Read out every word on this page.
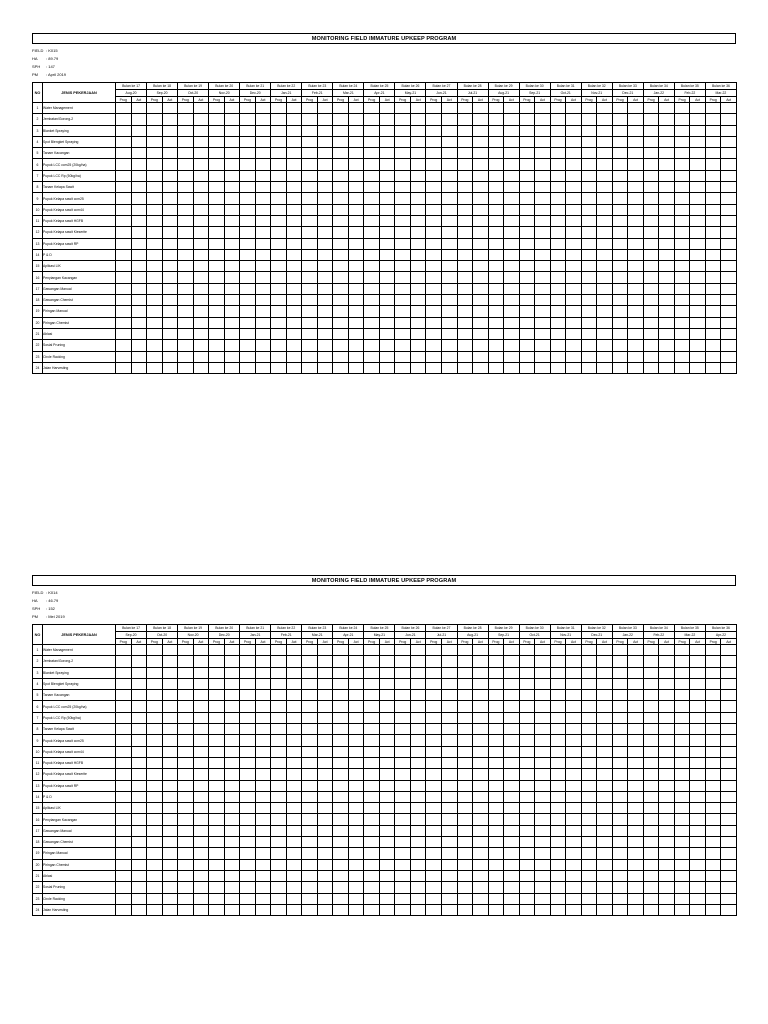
MONITORING FIELD IMMATURE UPKEEP PROGRAM
FIELD : K015
HA	: 89.79
SPH	: 147
PM	: April 2019
NO	JENIS PEKERJAAN	Bulan ke 17		Bulan ke 18		Bulan ke 19		Bulan ke 20		Bulan ke 21		Bulan ke 22		Bulan ke 23		Bulan ke 24		Bulan ke 25		Bulan ke 26		Bulan ke 27		Bulan ke 28		Bulan ke 29		Bulan ke 30		Bulan ke 31		Bulan ke 32		Bulan ke 33		Bulan ke 34		Bulan ke 35		Bulan ke 36	
		Aug-20		Sep-20		Oct-20		Nov-20		Dec-20		Jan-21		Feb-21		Mar-21		Apr-21		May-21		Jun-21		Jul-21		Aug-21		Sep-21		Oct-21		Nov-21		Dec-21		Jan-22		Feb-22		Mar-22	
		Prog	Act	Prog	Act	Prog	Act	Prog	Act	Prog	Act	Prog	Act	Prog	Act	Prog	Act	Prog	Act	Prog	Act	Prog	Act	Prog	Act	Prog	Act	Prog	Act	Prog	Act	Prog	Act	Prog	Act	Prog	Act	Prog	Act	Prog	Act
1	Water Management																																								
2	Jembatan/Gorong-2																																								
3	Blanket Spraying																																								
4	Spot Blengket Spraying																																								
5	Tanam Kacangan																																								
6	Pupuk LCC ccm25 (20kg/ha)																																								
7	Pupuk LCC Rp (50kg/ha)																																								
8	Tanam Kelapa Sawit																																								
9	Pupuk Kelapa sawit ccm25																																								
10	Pupuk Kelapa sawit ccm44																																								
11	Pupuk Kelapa sawit HGFB																																								
12	Pupuk Kelapa sawit Kieserite																																								
13	Pupuk Kelapa sawit RP																																								
14	P & D																																								
15	Aplikasi LIK																																								
16	Penyiangan Kacangan																																								
17	Gawangan Manual																																								
18	Gawangan Chemist																																								
19	Piringan Manual																																								
20	Piringan Chemist																																								
21	Ablasi																																								
22	Sosial Pruning																																								
23	Circle Racking																																								
24	Jalan Harvesting																																								
MONITORING FIELD IMMATURE UPKEEP PROGRAM
FIELD : K014
HA	: 46.79
SPH	: 152
PM	: Mei 2019
NO	JENIS PEKERJAAN	Bulan ke 17		Bulan ke 18		Bulan ke 19		Bulan ke 20		Bulan ke 21		Bulan ke 22		Bulan ke 23		Bulan ke 24		Bulan ke 25		Bulan ke 26		Bulan ke 27		Bulan ke 28		Bulan ke 29		Bulan ke 30		Bulan ke 31		Bulan ke 32		Bulan ke 33		Bulan ke 34		Bulan ke 35		Bulan ke 36	
		Sep-20		Oct-20		Nov-20		Dec-20		Jan-21		Feb-21		Mar-21		Apr-21		May-21		Jun-21		Jul-21		Aug-21		Sep-21		Oct-21		Nov-21		Dec-21		Jan-22		Feb-22		Mar-22		Apr-22	
		Prog	Act	Prog	Act	Prog	Act	Prog	Act	Prog	Act	Prog	Act	Prog	Act	Prog	Act	Prog	Act	Prog	Act	Prog	Act	Prog	Act	Prog	Act	Prog	Act	Prog	Act	Prog	Act	Prog	Act	Prog	Act	Prog	Act	Prog	Act
1	Water Management																																								
2	Jembatan/Gorong-2																																								
3	Blanket Spraying																																								
4	Spot Blengket Spraying																																								
5	Tanam Kacangan																																								
6	Pupuk LCC ccm25 (20kg/ha)																																								
7	Pupuk LCC Rp (50kg/ha)																																								
8	Tanam Kelapa Sawit																																								
9	Pupuk Kelapa sawit ccm25																																								
10	Pupuk Kelapa sawit ccm44																																								
11	Pupuk Kelapa sawit HGFB																																								
12	Pupuk Kelapa sawit Kieserite																																								
13	Pupuk Kelapa sawit RP																																								
14	P & D																																								
15	Aplikasi LIK																																								
16	Penyiangan Kacangan																																								
17	Gawangan Manual																																								
18	Gawangan Chemist																																								
19	Piringan Manual																																								
20	Piringan Chemist																																								
21	Ablasi																																								
22	Sosial Pruning																																								
23	Circle Racking																																								
24	Jalan Harvesting																																								
